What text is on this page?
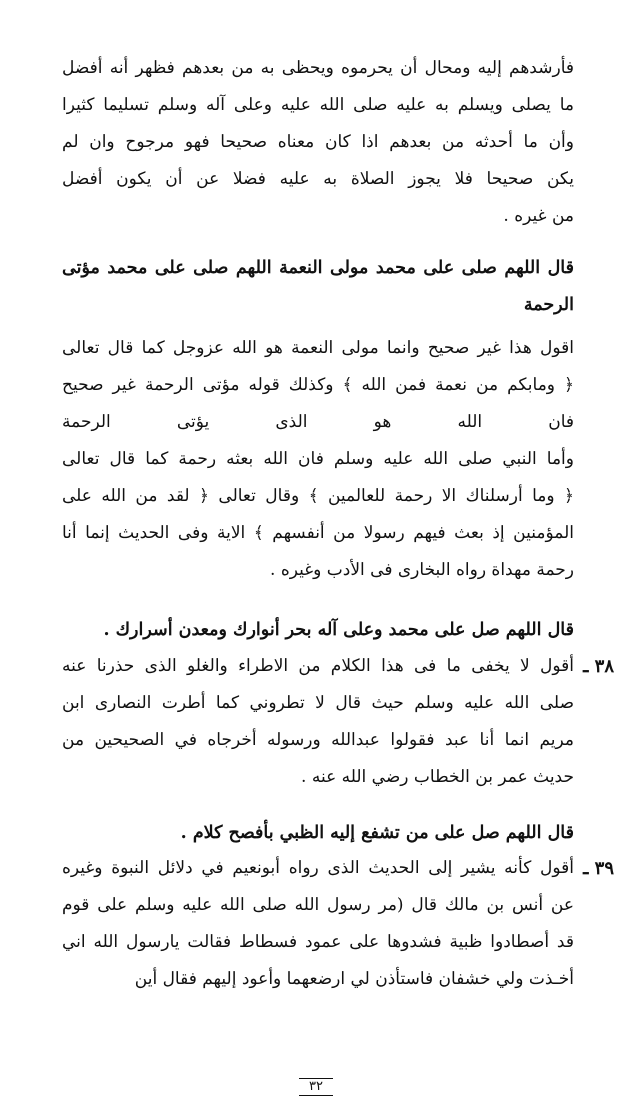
فأرشدهم إليه ومحال أن يحرموه ويحظى به من بعدهم فظهر أنه أفضل
ما يصلى ويسلم به عليه صلى الله عليه وعلى آله وسلم تسليما كثيرا
وأن ما أحدثه من بعدهم اذا كان معناه صحيحا فهو مرجوح وان لم
يكن صحيحا فلا يجوز الصلاة به عليه فضلا عن أن يكون أفضل
من غيره .
قال اللهم صلى على محمد مولى النعمة اللهم صلى على محمد مؤتى
الرحمة
اقول هذا غير صحيح وانما مولى النعمة هو الله عزوجل كما قال تعالى
﴿ ومابكم من نعمة فمن الله ﴾ وكذلك قوله مؤتى الرحمة غير صحيح
فان الله هو الذى يؤتى الرحمة
وأما النبي صلى الله عليه وسلم فان الله بعثه رحمة كما قال تعالى
﴿ وما أرسلناك الا رحمة للعالمين ﴾ وقال تعالى ﴿ لقد من الله على
المؤمنين إذ بعث فيهم رسولا من أنفسهم ﴾ الاية وفى الحديث إنما أنا
رحمة مهداة رواه البخارى فى الأدب وغيره .
قال اللهم صل على محمد وعلى آله بحر أنوارك ومعدن أسرارك .
أقول لا يخفى ما فى هذا الكلام من الاطراء والغلو الذى حذرنا عنه
صلى الله عليه وسلم حيث قال لا تطروني كما أطرت النصارى ابن
مريم انما أنا عبد فقولوا عبدالله ورسوله أخرجاه في الصحيحين من
حديث عمر بن الخطاب رضي الله عنه .
٣٨ ـ
قال اللهم صل على من تشفع إليه الظبي بأفصح كلام .
أقول كأنه يشير إلى الحديث الذى رواه أبونعيم في دلائل النبوة وغيره
عن أنس بن مالك قال (مر رسول الله صلى الله عليه وسلم على قوم
قد أصطادوا ظبية فشدوها على عمود فسطاط فقالت يارسول الله اني
أخـذت ولي خشفان فاستأذن لي ارضعهما وأعود إليهم فقال أين
٣٩ ـ
٣٢
